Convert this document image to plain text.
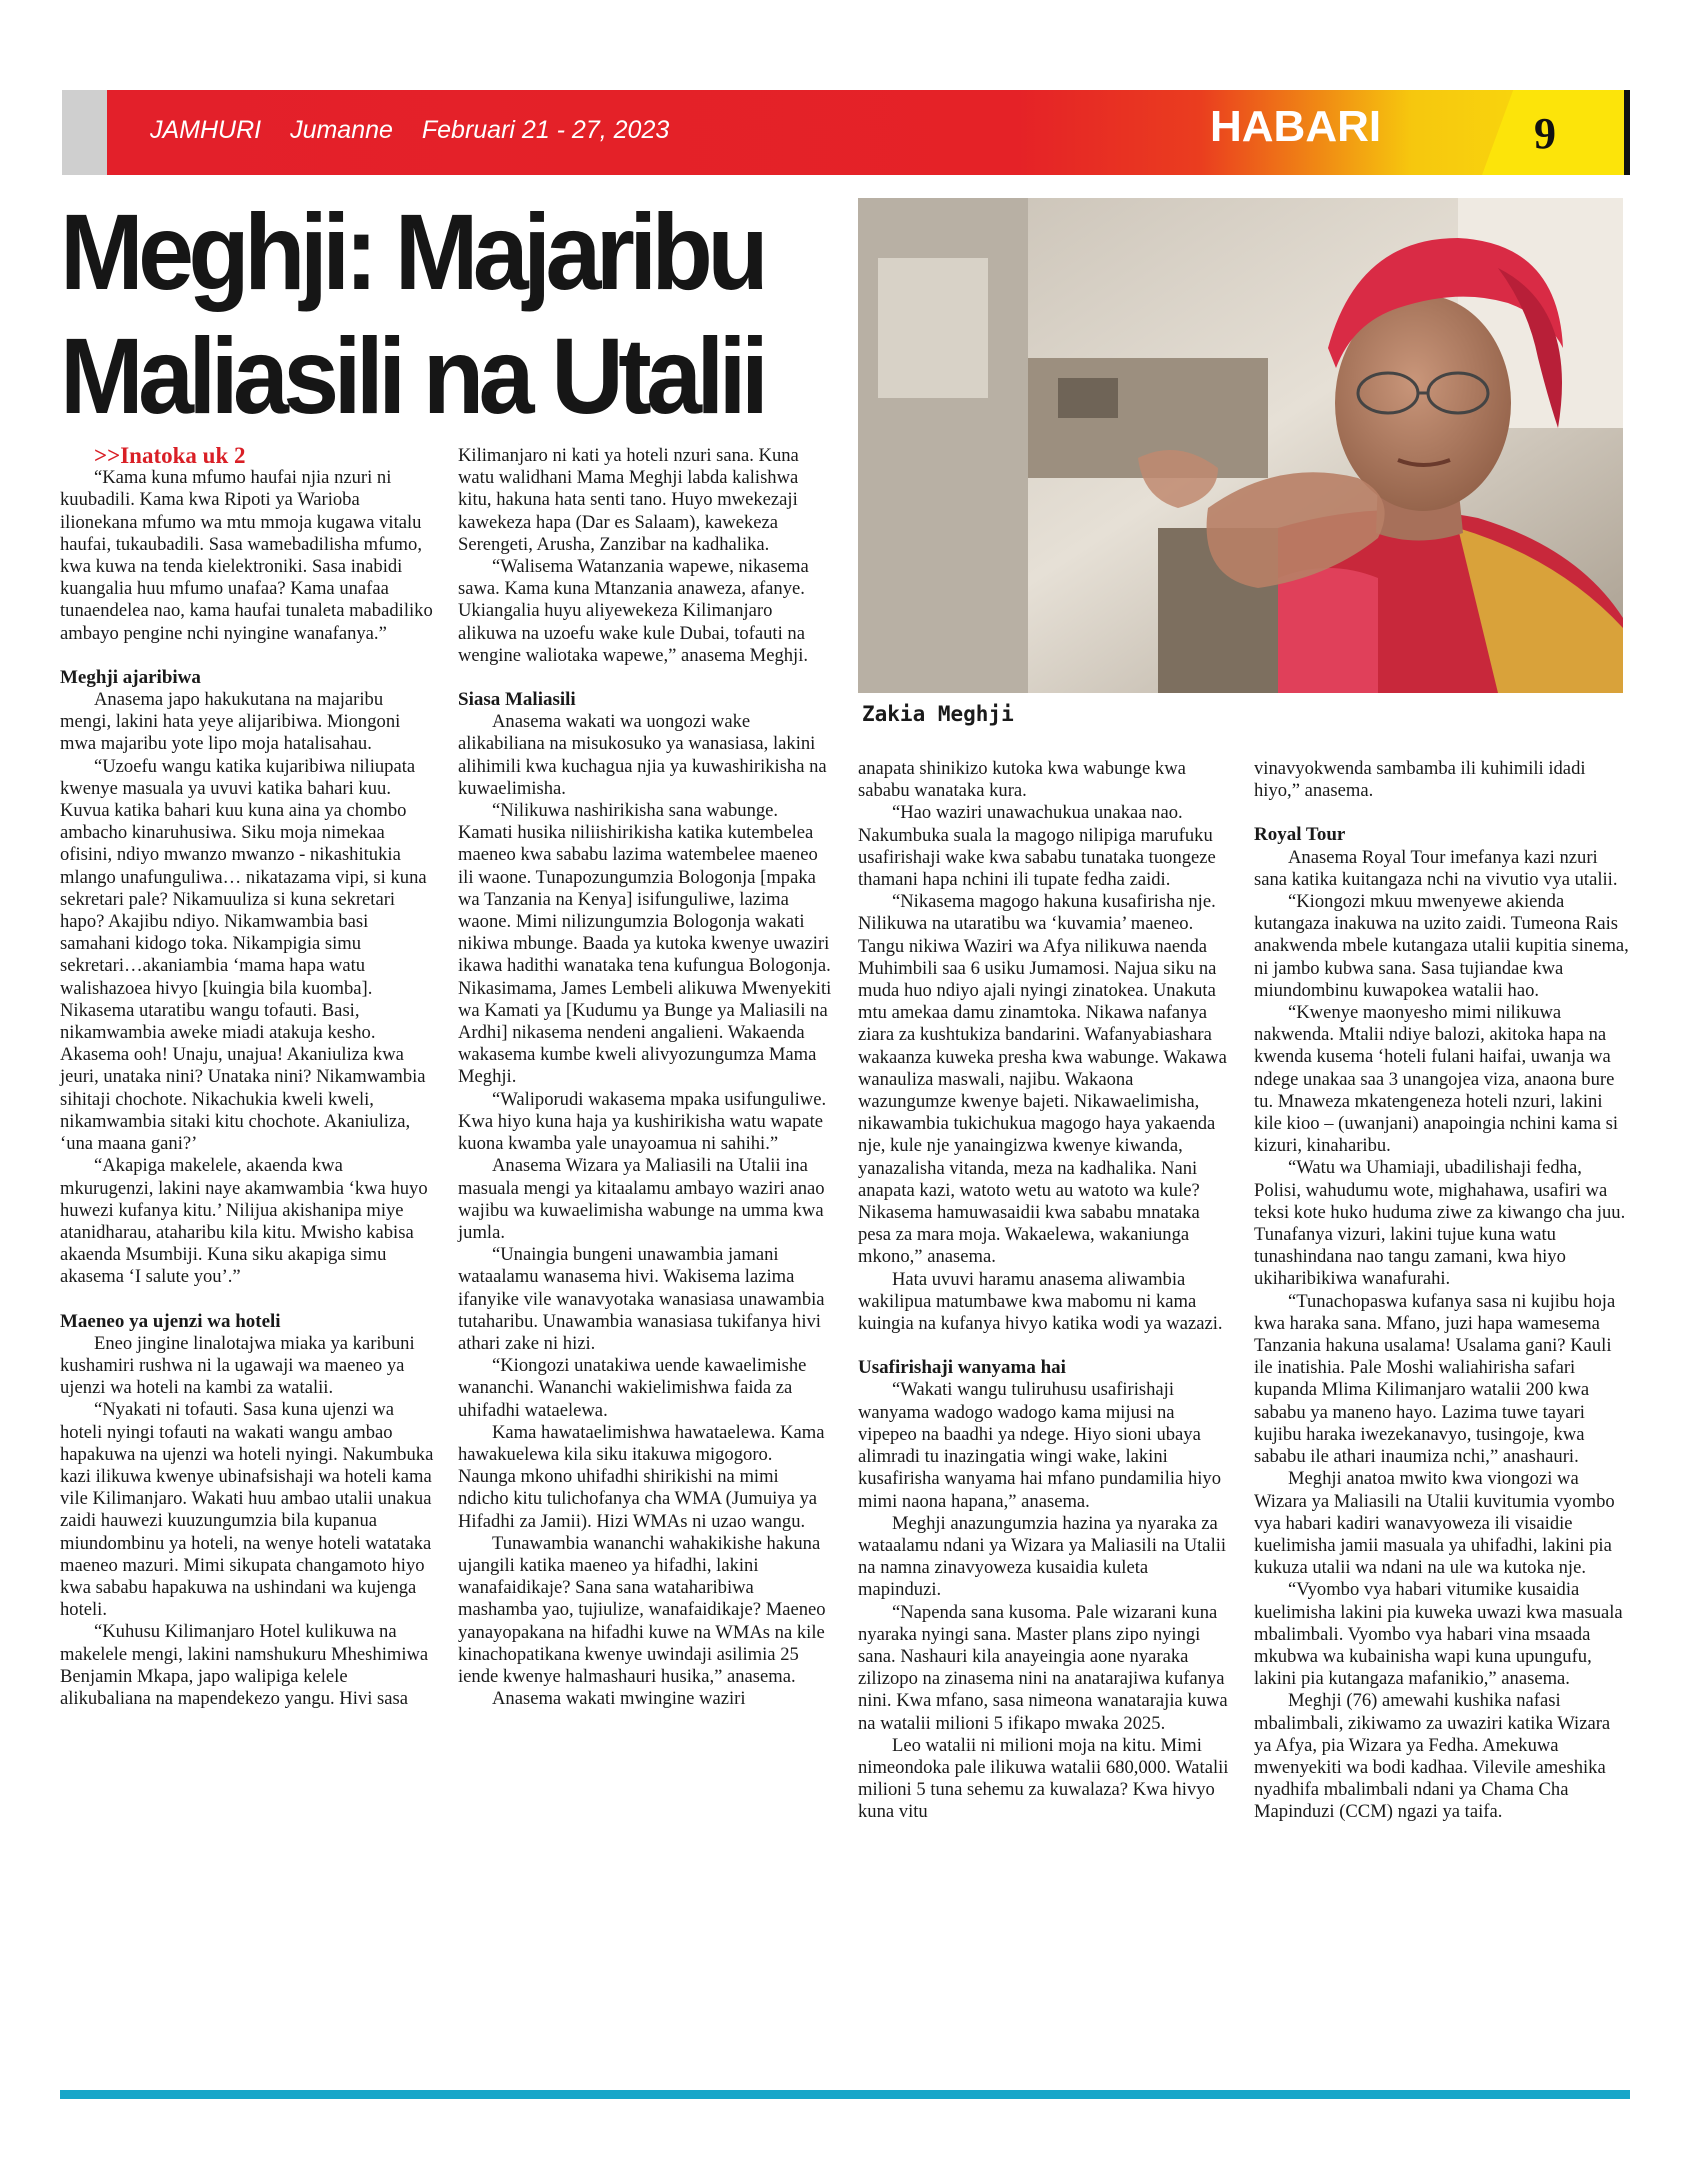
JAMHURI Jumanne Februari 21 - 27, 2023	HABARI	9
Meghji: Majaribu
Maliasili na Utalii
Zakia Meghji

>>Inatoka uk 2

“Kama kuna mfumo haufai njia nzuri ni kuubadili. Kama kwa Ripoti ya Warioba ilionekana mfumo wa mtu mmoja kugawa vitalu haufai, tukaubadili. Sasa wamebadilisha mfumo, kwa kuwa na tenda kielektroniki. Sasa inabidi kuangalia huu mfumo unafaa? Kama unafaa tunaendelea nao, kama haufai tunaleta mabadiliko ambayo pengine nchi nyingine wanafanya.”

Meghji ajaribiwa

Anasema japo hakukutana na majaribu mengi, lakini hata yeye alijaribiwa. Miongoni mwa majaribu yote lipo moja hatalisahau.

“Uzoefu wangu katika kujaribiwa niliupata kwenye masuala ya uvuvi katika bahari kuu. Kuvua katika bahari kuu kuna aina ya chombo ambacho kinaruhusiwa. Siku moja nimekaa ofisini, ndiyo mwanzo mwanzo - nikashitukia mlango unafunguliwa… nikatazama vipi, si kuna sekretari pale? Nikamuuliza si kuna sekretari hapo? Akajibu ndiyo. Nikamwambia basi samahani kidogo toka. Nikampigia simu sekretari…akaniambia ‘mama hapa watu walishazoea hivyo [kuingia bila kuomba]. Nikasema utaratibu wangu tofauti. Basi, nikamwambia aweke miadi atakuja kesho. Akasema ooh! Unaju, unajua! Akaniuliza kwa jeuri, unataka nini? Unataka nini? Nikamwambia sihitaji chochote. Nikachukia kweli kweli, nikamwambia sitaki kitu chochote. Akaniuliza, ‘una maana gani?’

“Akapiga makelele, akaenda kwa mkurugenzi, lakini naye akamwambia ‘kwa huyo huwezi kufanya kitu.’ Nilijua akishanipa miye atanidharau, ataharibu kila kitu. Mwisho kabisa akaenda Msumbiji. Kuna siku akapiga simu akasema ‘I salute you’.”

Maeneo ya ujenzi wa hoteli

Eneo jingine linalotajwa miaka ya karibuni kushamiri rushwa ni la ugawaji wa maeneo ya ujenzi wa hoteli na kambi za watalii.

“Nyakati ni tofauti. Sasa kuna ujenzi wa hoteli nyingi tofauti na wakati wangu ambao hapakuwa na ujenzi wa hoteli nyingi. Nakumbuka kazi ilikuwa kwenye ubinafsishaji wa hoteli kama vile Kilimanjaro. Wakati huu ambao utalii unakua zaidi hauwezi kuuzungumzia bila kupanua miundombinu ya hoteli, na wenye hoteli watataka maeneo mazuri. Mimi sikupata changamoto hiyo kwa sababu hapakuwa na ushindani wa kujenga hoteli.

“Kuhusu Kilimanjaro Hotel kulikuwa na makelele mengi, lakini namshukuru Mheshimiwa Benjamin Mkapa, japo walipiga kelele alikubaliana na mapendekezo yangu. Hivi sasa

Kilimanjaro ni kati ya hoteli nzuri sana. Kuna watu walidhani Mama Meghji labda kalishwa kitu, hakuna hata senti tano. Huyo mwekezaji kawekeza hapa (Dar es Salaam), kawekeza Serengeti, Arusha, Zanzibar na kadhalika.

“Walisema Watanzania wapewe, nikasema sawa. Kama kuna Mtanzania anaweza, afanye. Ukiangalia huyu aliyewekeza Kilimanjaro alikuwa na uzoefu wake kule Dubai, tofauti na wengine waliotaka wapewe,” anasema Meghji.

Siasa Maliasili

Anasema wakati wa uongozi wake alikabiliana na misukosuko ya wanasiasa, lakini alihimili kwa kuchagua njia ya kuwashirikisha na kuwaelimisha.

“Nilikuwa nashirikisha sana wabunge. Kamati husika niliishirikisha katika kutembelea maeneo kwa sababu lazima watembelee maeneo ili waone. Tunapozungumzia Bologonja [mpaka wa Tanzania na Kenya] isifunguliwe, lazima waone. Mimi nilizungumzia Bologonja wakati nikiwa mbunge. Baada ya kutoka kwenye uwaziri ikawa hadithi wanataka tena kufungua Bologonja. Nikasimama, James Lembeli alikuwa Mwenyekiti wa Kamati ya [Kudumu ya Bunge ya Maliasili na Ardhi] nikasema nendeni angalieni. Wakaenda wakasema kumbe kweli alivyozungumza Mama Meghji.

“Waliporudi wakasema mpaka usifunguliwe. Kwa hiyo kuna haja ya kushirikisha watu wapate kuona kwamba yale unayoamua ni sahihi.”

Anasema Wizara ya Maliasili na Utalii ina masuala mengi ya kitaalamu ambayo waziri anao wajibu wa kuwaelimisha wabunge na umma kwa jumla.

“Unaingia bungeni unawambia jamani wataalamu wanasema hivi. Wakisema lazima ifanyike vile wanavyotaka wanasiasa unawambia tutaharibu. Unawambia wanasiasa tukifanya hivi athari zake ni hizi.

“Kiongozi unatakiwa uende kawaelimishe wananchi. Wananchi wakielimishwa faida za uhifadhi wataelewa.

Kama hawataelimishwa hawataelewa. Kama hawakuelewa kila siku itakuwa migogoro. Naunga mkono uhifadhi shirikishi na mimi ndicho kitu tulichofanya cha WMA (Jumuiya ya Hifadhi za Jamii). Hizi WMAs ni uzao wangu.

Tunawambia wananchi wahakikishe hakuna ujangili katika maeneo ya hifadhi, lakini wanafaidikaje? Sana sana wataharibiwa mashamba yao, tujiulize, wanafaidikaje? Maeneo yanayopakana na hifadhi kuwe na WMAs na kile kinachopatikana kwenye uwindaji asilimia 25 iende kwenye halmashauri husika,” anasema.

Anasema wakati mwingine waziri

anapata shinikizo kutoka kwa wabunge kwa sababu wanataka kura.

“Hao waziri unawachukua unakaa nao. Nakumbuka suala la magogo nilipiga marufuku usafirishaji wake kwa sababu tunataka tuongeze thamani hapa nchini ili tupate fedha zaidi.

“Nikasema magogo hakuna kusafirisha nje. Nilikuwa na utaratibu wa ‘kuvamia’ maeneo. Tangu nikiwa Waziri wa Afya nilikuwa naenda Muhimbili saa 6 usiku Jumamosi. Najua siku na muda huo ndiyo ajali nyingi zinatokea. Unakuta mtu amekaa damu zinamtoka. Nikawa nafanya ziara za kushtukiza bandarini. Wafanyabiashara wakaanza kuweka presha kwa wabunge. Wakawa wanauliza maswali, najibu. Wakaona wazungumze kwenye bajeti. Nikawaelimisha, nikawambia tukichukua magogo haya yakaenda nje, kule nje yanaingizwa kwenye kiwanda, yanazalisha vitanda, meza na kadhalika. Nani anapata kazi, watoto wetu au watoto wa kule? Nikasema hamuwasaidii kwa sababu mnataka pesa za mara moja. Wakaelewa, wakaniunga mkono,” anasema.

Hata uvuvi haramu anasema aliwambia wakilipua matumbawe kwa mabomu ni kama kuingia na kufanya hivyo katika wodi ya wazazi.

Usafirishaji wanyama hai

“Wakati wangu tuliruhusu usafirishaji wanyama wadogo wadogo kama mijusi na vipepeo na baadhi ya ndege. Hiyo sioni ubaya alimradi tu inazingatia wingi wake, lakini kusafirisha wanyama hai mfano pundamilia hiyo mimi naona hapana,” anasema.

Meghji anazungumzia hazina ya nyaraka za wataalamu ndani ya Wizara ya Maliasili na Utalii na namna zinavyoweza kusaidia kuleta mapinduzi.

“Napenda sana kusoma. Pale wizarani kuna nyaraka nyingi sana. Master plans zipo nyingi sana. Nashauri kila anayeingia aone nyaraka zilizopo na zinasema nini na anatarajiwa kufanya nini. Kwa mfano, sasa nimeona wanatarajia kuwa na watalii milioni 5 ifikapo mwaka 2025.

Leo watalii ni milioni moja na kitu. Mimi nimeondoka pale ilikuwa watalii 680,000. Watalii milioni 5 tuna sehemu za kuwalaza? Kwa hivyo kuna vitu

vinavyokwenda sambamba ili kuhimili idadi hiyo,” anasema.

Royal Tour

Anasema Royal Tour imefanya kazi nzuri sana katika kuitangaza nchi na vivutio vya utalii.

“Kiongozi mkuu mwenyewe akienda kutangaza inakuwa na uzito zaidi. Tumeona Rais anakwenda mbele kutangaza utalii kupitia sinema, ni jambo kubwa sana. Sasa tujiandae kwa miundombinu kuwapokea watalii hao.

“Kwenye maonyesho mimi nilikuwa nakwenda. Mtalii ndiye balozi, akitoka hapa na kwenda kusema ‘hoteli fulani haifai, uwanja wa ndege unakaa saa 3 unangojea viza, anaona bure tu. Mnaweza mkatengeneza hoteli nzuri, lakini kile kioo – (uwanjani) anapoingia nchini kama si kizuri, kinaharibu.

“Watu wa Uhamiaji, ubadilishaji fedha, Polisi, wahudumu wote, mighahawa, usafiri wa teksi kote huko huduma ziwe za kiwango cha juu. Tunafanya vizuri, lakini tujue kuna watu tunashindana nao tangu zamani, kwa hiyo ukiharibikiwa wanafurahi.

“Tunachopaswa kufanya sasa ni kujibu hoja kwa haraka sana. Mfano, juzi hapa wamesema Tanzania hakuna usalama! Usalama gani? Kauli ile inatishia. Pale Moshi waliahirisha safari kupanda Mlima Kilimanjaro watalii 200 kwa sababu ya maneno hayo. Lazima tuwe tayari kujibu haraka iwezekanavyo, tusingoje, kwa sababu ile athari inaumiza nchi,” anashauri.

Meghji anatoa mwito kwa viongozi wa Wizara ya Maliasili na Utalii kuvitumia vyombo vya habari kadiri wanavyoweza ili visaidie kuelimisha jamii masuala ya uhifadhi, lakini pia kukuza utalii wa ndani na ule wa kutoka nje.

“Vyombo vya habari vitumike kusaidia kuelimisha lakini pia kuweka uwazi kwa masuala mbalimbali. Vyombo vya habari vina msaada mkubwa wa kubainisha wapi kuna upungufu, lakini pia kutangaza mafanikio,” anasema.

Meghji (76) amewahi kushika nafasi mbalimbali, zikiwamo za uwaziri katika Wizara ya Afya, pia Wizara ya Fedha. Amekuwa mwenyekiti wa bodi kadhaa. Vilevile ameshika nyadhifa mbalimbali ndani ya Chama Cha Mapinduzi (CCM) ngazi ya taifa.
